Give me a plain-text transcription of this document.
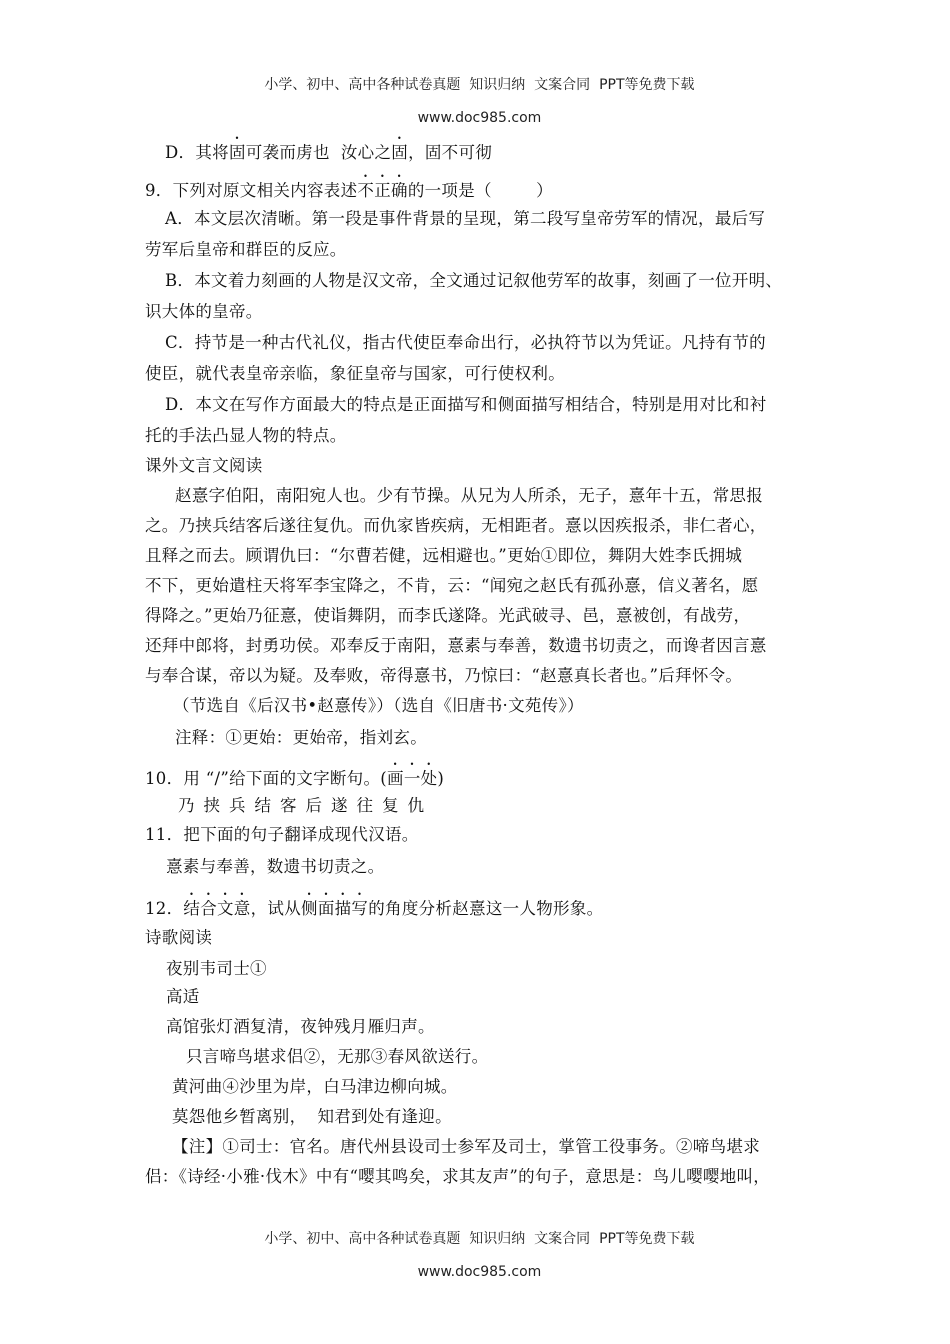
小学、初中、高中各种试卷真题  知识归纳  文案合同  PPT等免费下载

www.doc985.com

D．其将固可袭而虏也  汝心之固，固不可彻
9．下列对原文相关内容表述不正确的一项是（        ）
A．本文层次清晰。第一段是事件背景的呈现，第二段写皇帝劳军的情况，最后写
劳军后皇帝和群臣的反应。
B．本文着力刻画的人物是汉文帝，全文通过记叙他劳军的故事，刻画了一位开明、
识大体的皇帝。
C．持节是一种古代礼仪，指古代使臣奉命出行，必执符节以为凭证。凡持有节的
使臣，就代表皇帝亲临，象征皇帝与国家，可行使权利。
D．本文在写作方面最大的特点是正面描写和侧面描写相结合，特别是用对比和衬
托的手法凸显人物的特点。
课外文言文阅读
赵憙字伯阳，南阳宛人也。少有节操。从兄为人所杀，无子，憙年十五，常思报
之。乃挟兵结客后遂往复仇。而仇家皆疾病，无相距者。憙以因疾报杀，非仁者心，
且释之而去。顾谓仇曰：“尔曹若健，远相避也。”更始①即位，舞阴大姓李氏拥城
不下，更始遣柱天将军李宝降之，不肯，云：“闻宛之赵氏有孤孙憙，信义著名，愿
得降之。”更始乃征憙，使诣舞阴，而李氏遂降。光武破寻、邑，憙被创，有战劳，
还拜中郎将，封勇功侯。邓奉反于南阳，憙素与奉善，数遗书切责之，而谗者因言憙
与奉合谋，帝以为疑。及奉败，帝得憙书，乃惊曰：“赵憙真长者也。”后拜怀令。
（节选自《后汉书•赵憙传》）（选自《旧唐书·文苑传》）
注释：①更始：更始帝，指刘玄。
10．用 “/”给下面的文字断句。(画一处)
乃挟兵结客后遂往复仇
11．把下面的句子翻译成现代汉语。
憙素与奉善，数遗书切责之。
12．结合文意，试从侧面描写的角度分析赵憙这一人物形象。
诗歌阅读
夜别韦司士①
高适
高馆张灯酒复清，夜钟残月雁归声。
只言啼鸟堪求侣②，无那③春风欲送行。
黄河曲④沙里为岸，白马津边柳向城。
莫怨他乡暂离别，  知君到处有逢迎。
【注】①司士：官名。唐代州县设司士参军及司士，掌管工役事务。②啼鸟堪求
侣：《诗经·小雅·伐木》中有“嘤其鸣矣，求其友声”的句子，意思是：鸟儿嘤嘤地叫，

小学、初中、高中各种试卷真题  知识归纳  文案合同  PPT等免费下载

www.doc985.com
